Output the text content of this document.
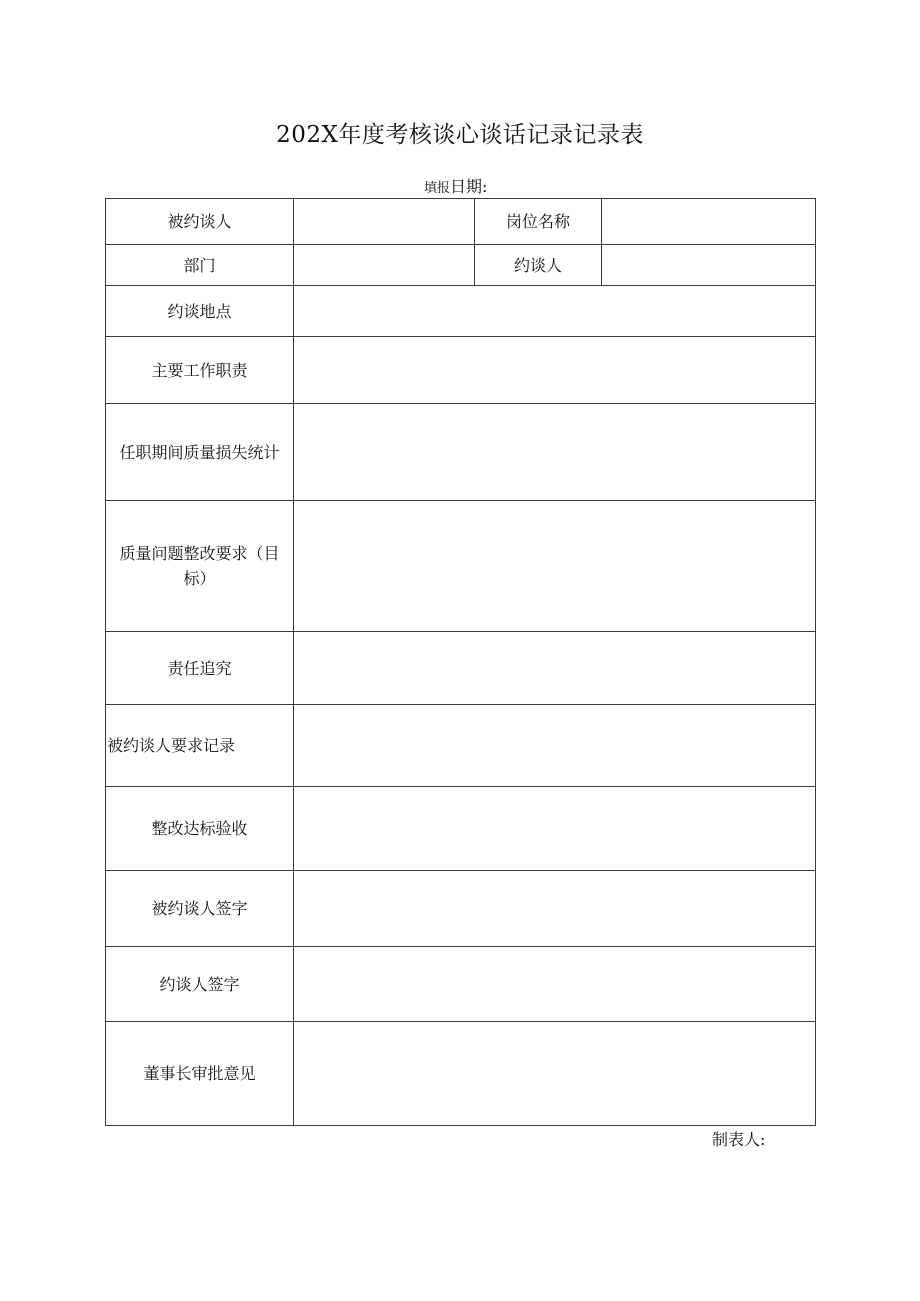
202X年度考核谈心谈话记录记录表
填报日期:
被约谈人		岗位名称	
部门		约谈人	
约谈地点			
主要工作职责			
任职期间质量损失统计			
质量问题整改要求（目标）			
责任追究			
被约谈人要求记录			
整改达标验收			
被约谈人签字			
约谈人签字			
董事长审批意见			
制表人:
